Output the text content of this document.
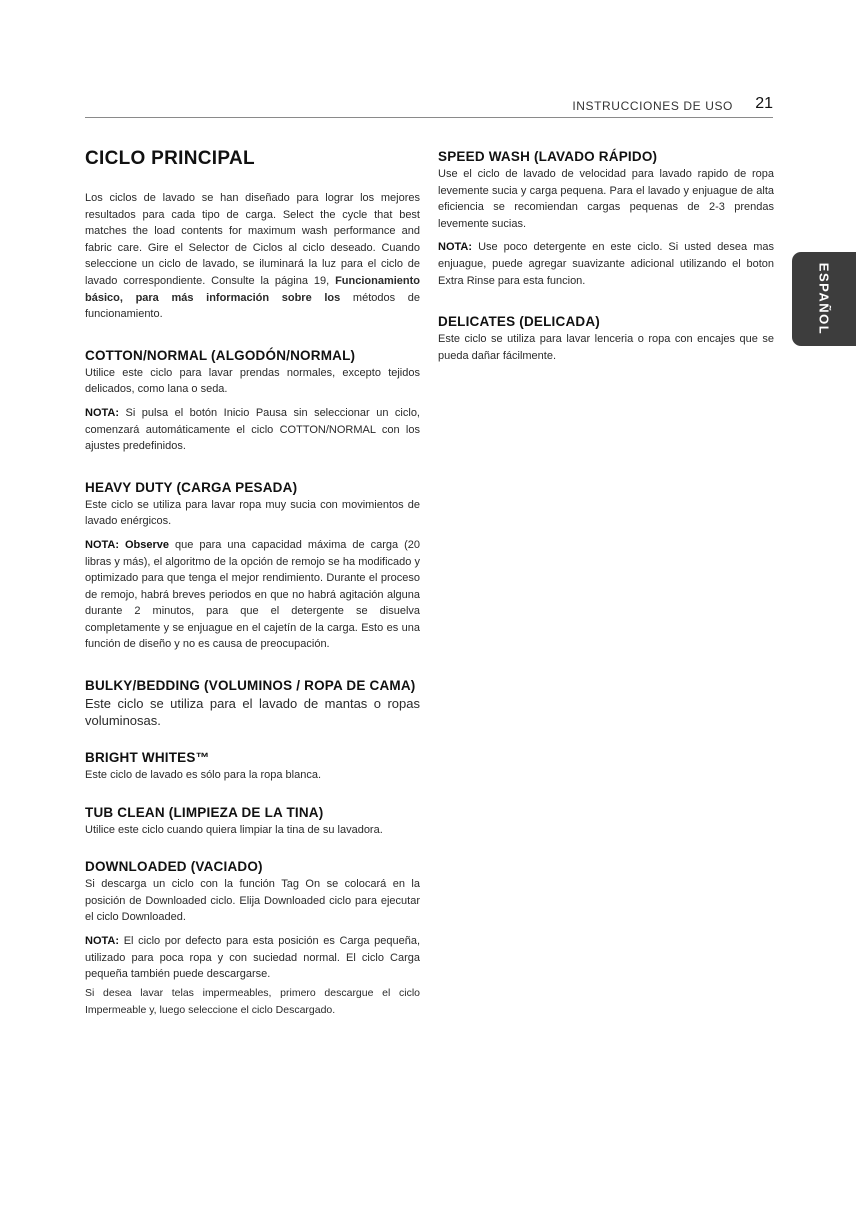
INSTRUCCIONES DE USO 21
ESPAÑOL
CICLO PRINCIPAL

Los ciclos de lavado se han diseñado para lograr los mejores resultados para cada tipo de carga. Select the cycle that best matches the load contents for maximum wash performance and fabric care. Gire el Selector de Ciclos al ciclo deseado. Cuando seleccione un ciclo de lavado, se iluminará la luz para el ciclo de lavado correspondiente. Consulte la página 19, Funcionamiento básico, para más información sobre los métodos de funcionamiento.

COTTON/NORMAL (ALGODÓN/NORMAL)

Utilice este ciclo para lavar prendas normales, excepto tejidos delicados, como lana o seda.

NOTA: Si pulsa el botón Inicio Pausa sin seleccionar un ciclo, comenzará automáticamente el ciclo COTTON/NORMAL con los ajustes predefinidos.

HEAVY DUTY (CARGA PESADA)

Este ciclo se utiliza para lavar ropa muy sucia con movimientos de lavado enérgicos.

NOTA: Observe que para una capacidad máxima de carga (20 libras y más), el algoritmo de la opción de remojo se ha modificado y optimizado para que tenga el mejor rendimiento. Durante el proceso de remojo, habrá breves periodos en que no habrá agitación alguna durante 2 minutos, para que el detergente se disuelva completamente y se enjuague en el cajetín de la carga. Esto es una función de diseño y no es causa de preocupación.

BULKY/BEDDING (VOLUMINOS / ROPA DE CAMA)

Este ciclo se utiliza para el lavado de mantas o ropas voluminosas.

BRIGHT WHITES™

Este ciclo de lavado es sólo para la ropa blanca.

TUB CLEAN (LIMPIEZA DE LA TINA)

Utilice este ciclo cuando quiera limpiar la tina de su lavadora.

DOWNLOADED (VACIADO)

Si descarga un ciclo con la función Tag On se colocará en la posición de Downloaded ciclo. Elija Downloaded ciclo para ejecutar el ciclo Downloaded.

NOTA: El ciclo por defecto para esta posición es Carga pequeña, utilizado para poca ropa y con suciedad normal. El ciclo Carga pequeña también puede descargarse.

Si desea lavar telas impermeables, primero descargue el ciclo Impermeable y, luego seleccione el ciclo Descargado.

SPEED WASH (LAVADO RÁPIDO)

Use el ciclo de lavado de velocidad para lavado rapido de ropa levemente sucia y carga pequena. Para el lavado y enjuague de alta eficiencia se recomiendan cargas pequenas de 2-3 prendas levemente sucias.

NOTA: Use poco detergente en este ciclo. Si usted desea mas enjuague, puede agregar suavizante adicional utilizando el boton Extra Rinse para esta funcion.

DELICATES (DELICADA)

Este ciclo se utiliza para lavar lenceria o ropa con encajes que se pueda dañar fácilmente.
